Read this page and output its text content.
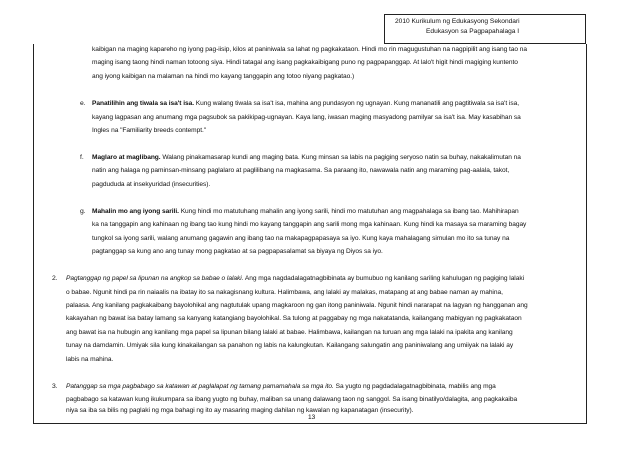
2010 Kurikulum ng Edukasyong Sekondari
Edukasyon sa Pagpapahalaga I
kaibigan na maging kapareho ng iyong pag-iisip, kilos at paniniwala sa lahat ng pagkakataon. Hindi mo rin magugustuhan na nagpipilit ang isang tao na
maging isang taong hindi naman totoong siya. Hindi tatagal ang isang pagkakaibigang puno ng pagpapanggap. At lalo't higit hindi magiging kuntento
ang iyong kaibigan na malaman na hindi mo kayang tanggapin ang totoo niyang pagkatao.)
e. Panatilihin ang tiwala sa isa't isa. Kung walang tiwala sa isa't isa, mahina ang pundasyon ng ugnayan. Kung mananatili ang pagtitiwala sa isa't isa,
kayang lagpasan ang anumang mga pagsubok sa pakikipag-ugnayan. Kaya lang, iwasan maging masyadong pamilyar sa isa't isa. May kasabihan sa
Ingles na "Familiarity breeds contempt."
f. Maglaro at maglibang. Walang pinakamasarap kundi ang maging bata. Kung minsan sa labis na pagiging seryoso natin sa buhay, nakakalimutan na
natin ang halaga ng paminsan-minsang paglalaro at paglilibang na magkasama. Sa paraang ito, nawawala natin ang maraming pag-aalala, takot,
pagdududa at insekyuridad (insecurities).
g. Mahalin mo ang iyong sarili. Kung hindi mo matutuhang mahalin ang iyong sarili, hindi mo matutuhan ang magpahalaga sa ibang tao. Mahihirapan
ka na tanggapin ang kahinaan ng ibang tao kung hindi mo kayang tanggapin ang sarili mong mga kahinaan. Kung hindi ka masaya sa maraming bagay
tungkol sa iyong sarili, walang anumang gagawin ang ibang tao na makapagpapasaya sa iyo. Kung kaya mahalagang simulan mo ito sa tunay na
pagtanggap sa kung ano ang tunay mong pagkatao at sa pagpapasalamat sa biyaya ng Diyos sa iyo.
2. Pagtanggap ng papel sa lipunan na angkop sa babae o lalaki. Ang mga nagdadalagatnagbibinata ay bumubuo ng kanilang sariling kahulugan ng pagiging lalaki
o babae. Ngunit hindi pa rin naiaalis na ibatay ito sa nakagisnang kultura. Halimbawa, ang lalaki ay malakas, matapang at ang babae naman ay mahina,
palaasa. Ang kanilang pagkakaibang bayolohikal ang nagtutulak upang magkaroon ng gan itong paniniwala. Ngunit hindi nararapat na lagyan ng hangganan ang
kakayahan ng bawat isa batay lamang sa kanyang katangiang bayolohikal. Sa tulong at paggabay ng mga nakatatanda, kailangang mabigyan ng pagkakataon
ang bawat isa na hubugin ang kanilang mga papel sa lipunan bilang lalaki at babae. Halimbawa, kailangan na turuan ang mga lalaki na ipakita ang kanilang
tunay na damdamin. Umiyak sila kung kinakailangan sa panahon ng labis na kalungkutan. Kailangang salungatin ang paniniwalang ang umiiyak na lalaki ay
labis na mahina.
3. Patanggap sa mga pagbabago sa katawan at paglalapat ng tamang pamamahala sa mga ito. Sa yugto ng pagdadalagatnagbibinata, mabilis ang mga
pagbabago sa katawan kung ikukumpara sa ibang yugto ng buhay, maliban sa unang dalawang taon ng sanggol. Sa isang binatilyo/dalagita, ang pagkakaiba
niya sa iba sa bilis ng paglaki ng mga bahagi ng ito ay masaring maging dahilan ng kawalan ng kapanatagan (insecurity).
13
